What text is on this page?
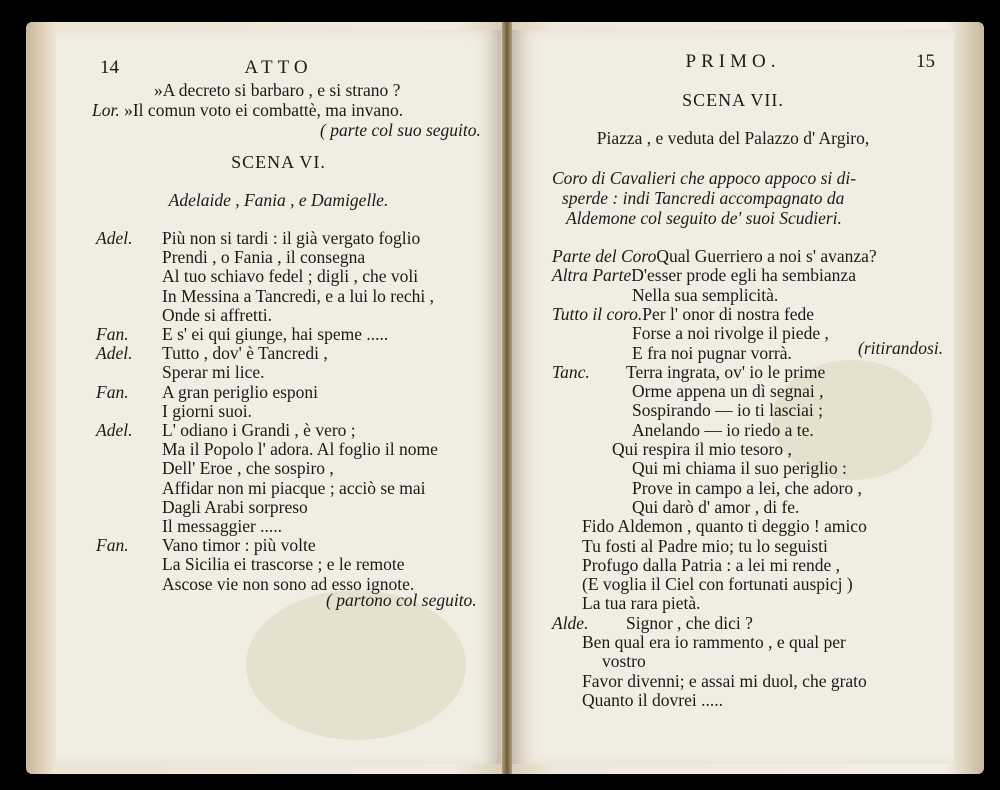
14	ATTO
»A decreto si barbaro , e si strano ?
Lor. »Il comun voto ei combattè, ma invano.
( parte col suo seguito.
SCENA VI.
Adelaide , Fania , e Damigelle.
Adel. Più non si tardi : il già vergato foglio
Prendi , o Fania , il consegna
Al tuo schiavo fedel ; digli , che voli
In Messina a Tancredi, e a lui lo rechi ,
Onde si affretti.
Fan. E s' ei qui giunge, hai speme .....
Adel. Tutto , dov' è Tancredi ,
Sperar mi lice.
Fan. A gran periglio esponi
I giorni suoi.
Adel. L' odiano i Grandi , è vero ;
Ma il Popolo l' adora. Al foglio il nome
Dell' Eroe , che sospiro ,
Affidar non mi piacque ; acciò se mai
Dagli Arabi sorpreso
Il messaggier .....
Fan. Vano timor : più volte
La Sicilia ei trascorse ; e le remote
Ascose vie non sono ad esso ignote.
( partono col seguito.
PRIMO.	15
SCENA VII.
Piazza , e veduta del Palazzo d' Argiro,
Coro di Cavalieri che appoco appoco si di-
sperde : indi Tancredi accompagnato da
Aldemone col seguito de' suoi Scudieri.
Parte del CoroQual Guerriero a noi s' avanza?
Altra ParteD'esser prode egli ha sembianza
Nella sua semplicità.
Tutto il coro.Per l' onor di nostra fede
Forse a noi rivolge il piede ,
E fra noi pugnar vorrà.
Tanc. Terra ingrata, ov' io le prime
Orme appena un dì segnai ,
Sospirando — io ti lasciai ;
Anelando — io riedo a te.
Qui respira il mio tesoro ,
Qui mi chiama il suo periglio :
Prove in campo a lei, che adoro ,
Qui darò d' amor , di fe.
Fido Aldemon , quanto ti deggio ! amico
Tu fosti al Padre mio; tu lo seguisti
Profugo dalla Patria : a lei mi rende ,
(E voglia il Ciel con fortunati auspicj )
La tua rara pietà.
Alde. Signor , che dici ?
Ben qual era io rammento , e qual per
vostro
Favor divenni; e assai mi duol, che grato
Quanto il dovrei .....
(ritirandosi.
